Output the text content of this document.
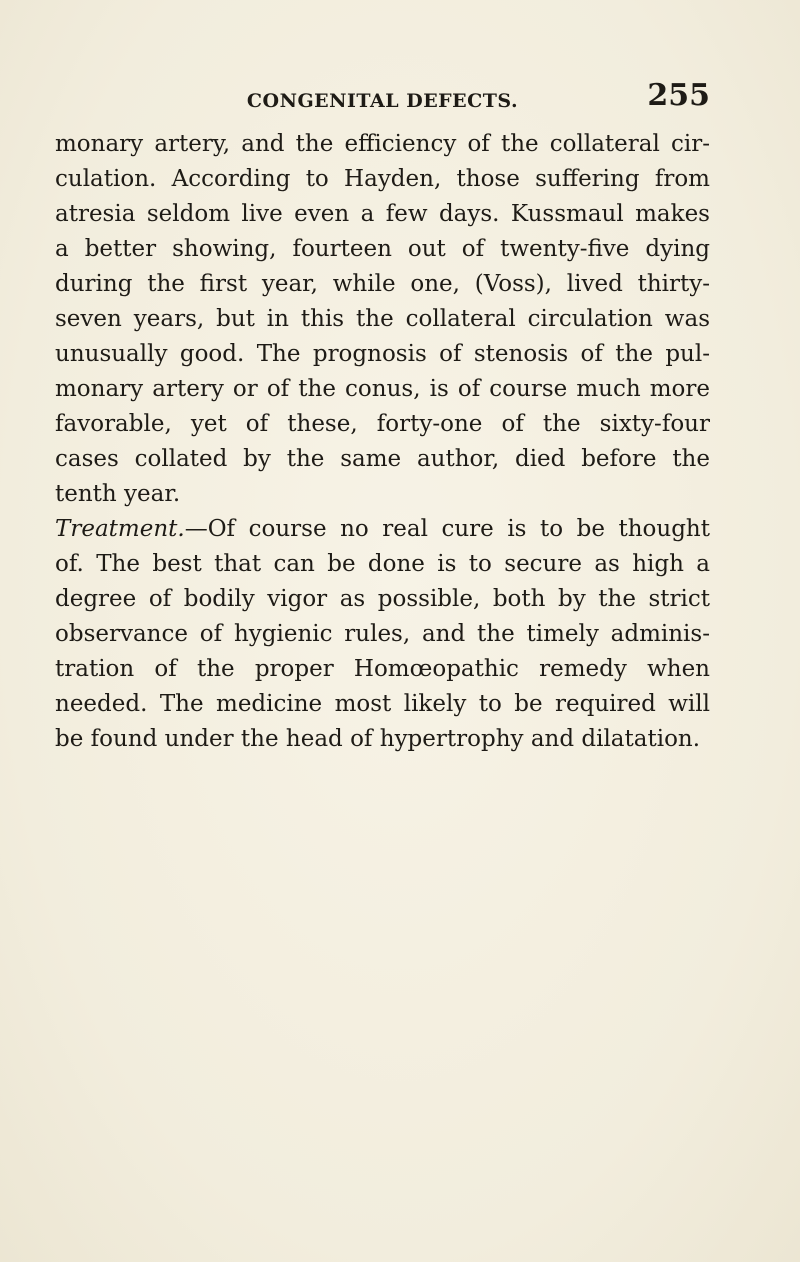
CONGENITAL DEFECTS.	255
monary artery, and the efficiency of the collateral cir-
culation. According to Hayden, those suffering from
atresia seldom live even a few days. Kussmaul makes
a better showing, fourteen out of twenty-five dying
during the first year, while one, (Voss), lived thirty-
seven years, but in this the collateral circulation was
unusually good. The prognosis of stenosis of the pul-
monary artery or of the conus, is of course much more
favorable, yet of these, forty-one of the sixty-four
cases collated by the same author, died before the
tenth year.
Treatment.—Of course no real cure is to be thought
of. The best that can be done is to secure as high a
degree of bodily vigor as possible, both by the strict
observance of hygienic rules, and the timely adminis-
tration of the proper Homœopathic remedy when
needed. The medicine most likely to be required will
be found under the head of hypertrophy and dilatation.
